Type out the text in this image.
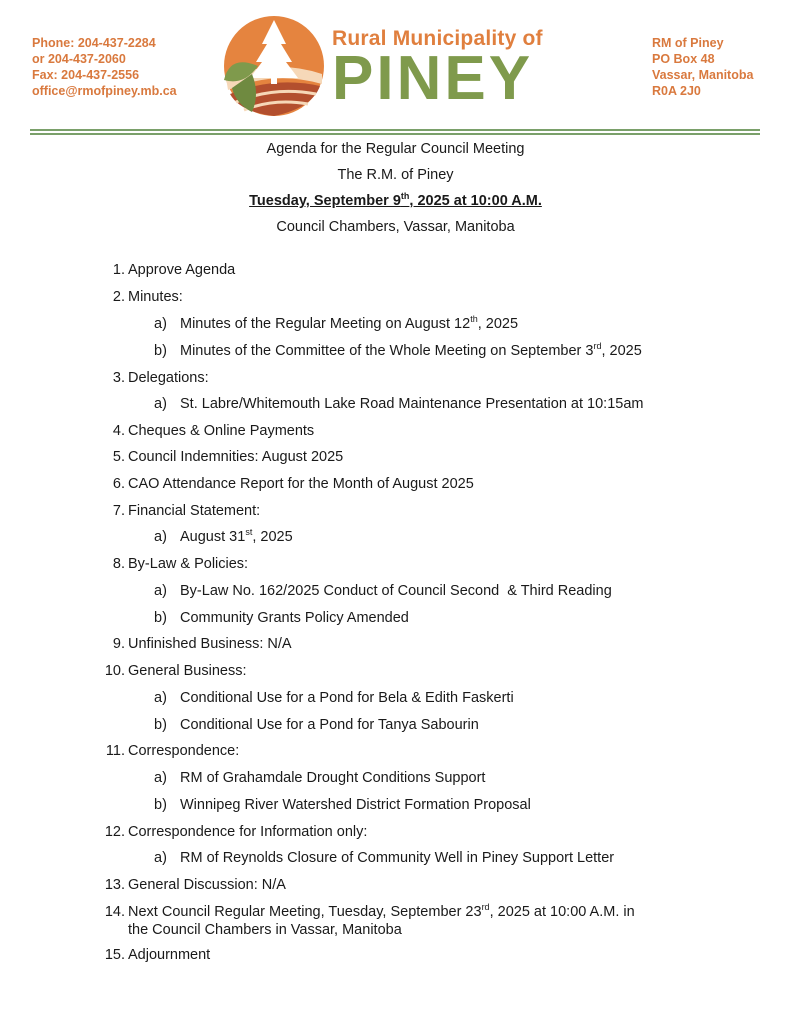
Phone: 204-437-2284
or 204-437-2060
Fax: 204-437-2556
office@rmofpiney.mb.ca
Rural Municipality of
PINEY
RM of Piney
PO Box 48
Vassar, Manitoba
R0A 2J0
Agenda for the Regular Council Meeting
The R.M. of Piney
Tuesday, September 9th, 2025 at 10:00 A.M.
Council Chambers, Vassar, Manitoba
1. Approve Agenda
2. Minutes:
a) Minutes of the Regular Meeting on August 12th, 2025
b) Minutes of the Committee of the Whole Meeting on September 3rd, 2025
3. Delegations:
a) St. Labre/Whitemouth Lake Road Maintenance Presentation at 10:15am
4. Cheques & Online Payments
5. Council Indemnities: August 2025
6. CAO Attendance Report for the Month of August 2025
7. Financial Statement:
a) August 31st, 2025
8. By-Law & Policies:
a) By-Law No. 162/2025 Conduct of Council Second  & Third Reading
b) Community Grants Policy Amended
9. Unfinished Business: N/A
10. General Business:
a) Conditional Use for a Pond for Bela & Edith Faskerti
b) Conditional Use for a Pond for Tanya Sabourin
11. Correspondence:
a) RM of Grahamdale Drought Conditions Support
b) Winnipeg River Watershed District Formation Proposal
12. Correspondence for Information only:
a) RM of Reynolds Closure of Community Well in Piney Support Letter
13. General Discussion: N/A
14. Next Council Regular Meeting, Tuesday, September 23rd, 2025 at 10:00 A.M. in
the Council Chambers in Vassar, Manitoba
15. Adjournment
